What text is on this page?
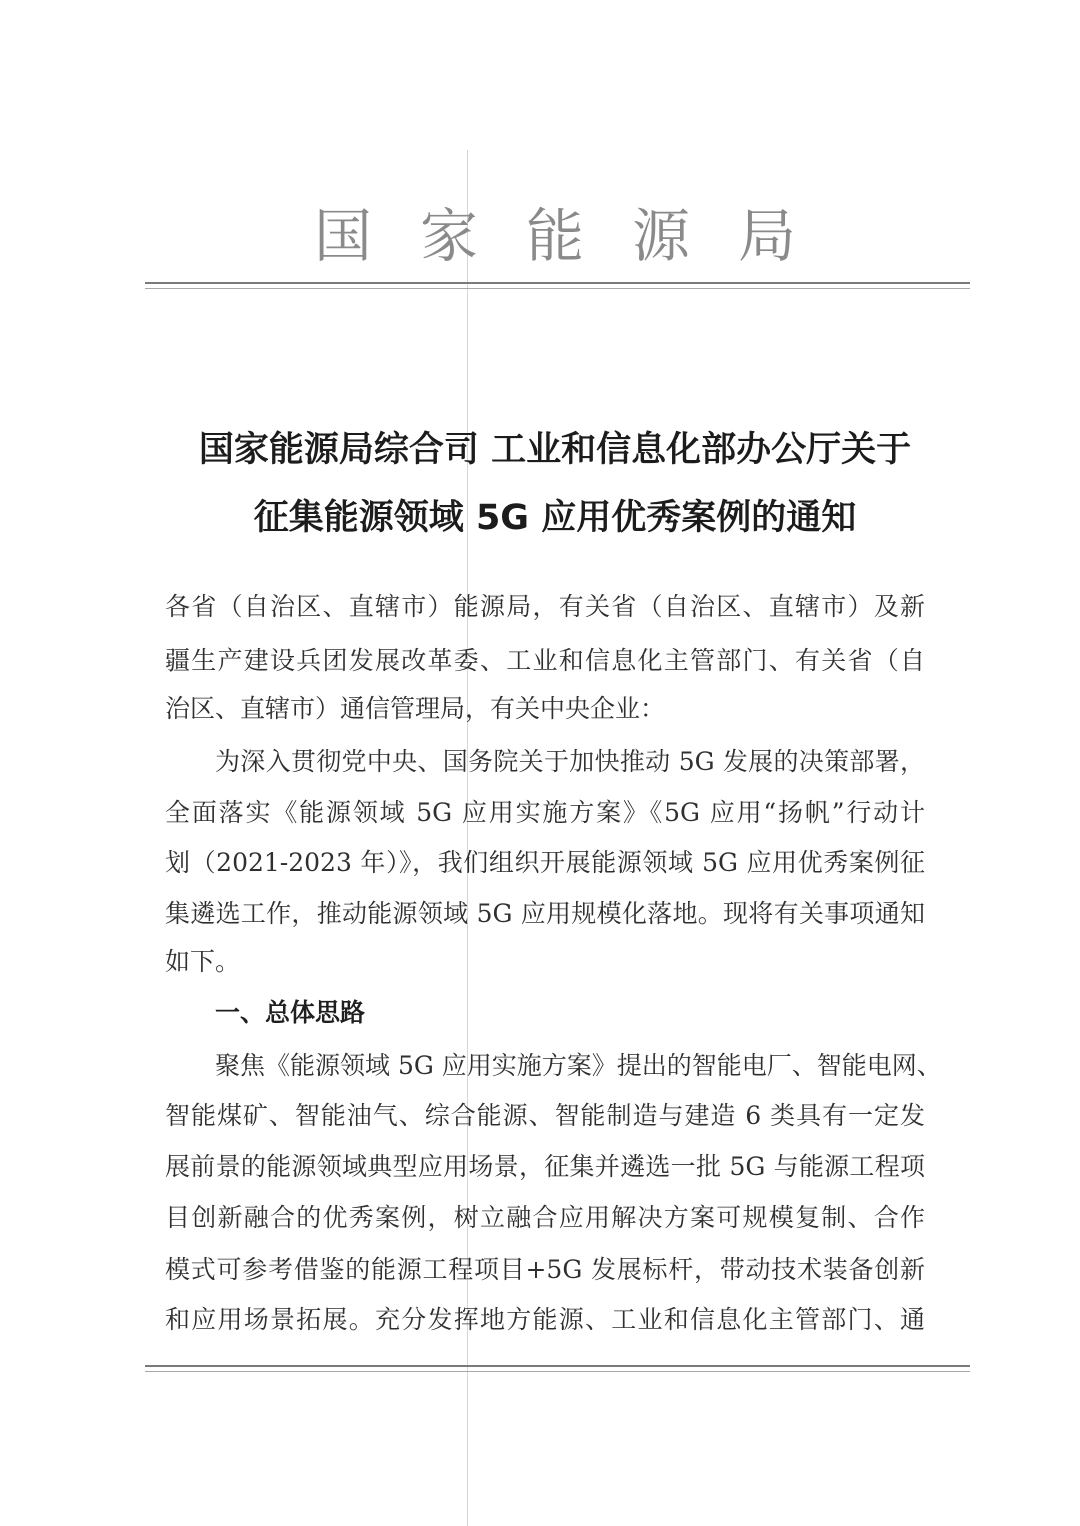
国家能源局
国家能源局综合司 工业和信息化部办公厅关于
征集能源领域 5G 应用优秀案例的通知
各省（自治区、直辖市）能源局，有关省（自治区、直辖市）及新
疆生产建设兵团发展改革委、工业和信息化主管部门、有关省（自
治区、直辖市）通信管理局，有关中央企业：
为深入贯彻党中央、国务院关于加快推动 5G 发展的决策部署，
全面落实《能源领域 5G 应用实施方案》《5G 应用“扬帆”行动计
划（2021-2023 年）》，我们组织开展能源领域 5G 应用优秀案例征
集遴选工作，推动能源领域 5G 应用规模化落地。现将有关事项通知
如下。
一、总体思路
聚焦《能源领域 5G 应用实施方案》提出的智能电厂、智能电网、
智能煤矿、智能油气、综合能源、智能制造与建造 6 类具有一定发
展前景的能源领域典型应用场景，征集并遴选一批 5G 与能源工程项
目创新融合的优秀案例，树立融合应用解决方案可规模复制、合作
模式可参考借鉴的能源工程项目+5G 发展标杆，带动技术装备创新
和应用场景拓展。充分发挥地方能源、工业和信息化主管部门、通
